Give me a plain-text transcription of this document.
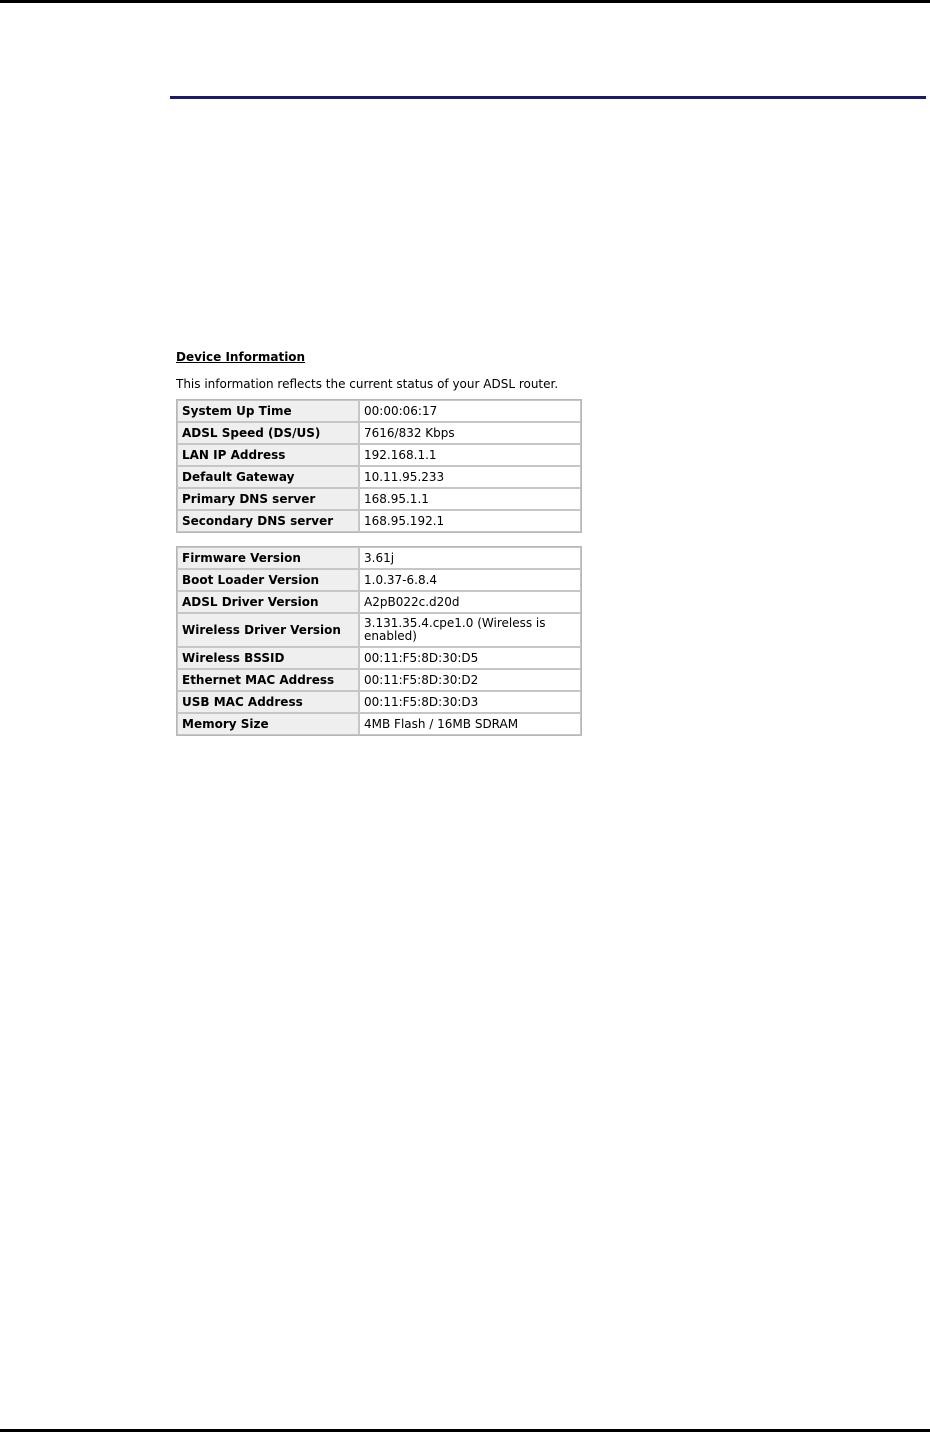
Device Information
This information reflects the current status of your ADSL router.
System Up Time	00:00:06:17
ADSL Speed (DS/US)	7616/832 Kbps
LAN IP Address	192.168.1.1
Default Gateway	10.11.95.233
Primary DNS server	168.95.1.1
Secondary DNS server	168.95.192.1
Firmware Version	3.61j
Boot Loader Version	1.0.37-6.8.4
ADSL Driver Version	A2pB022c.d20d
Wireless Driver Version	3.131.35.4.cpe1.0 (Wireless is enabled)
Wireless BSSID	00:11:F5:8D:30:D5
Ethernet MAC Address	00:11:F5:8D:30:D2
USB MAC Address	00:11:F5:8D:30:D3
Memory Size	4MB Flash / 16MB SDRAM
